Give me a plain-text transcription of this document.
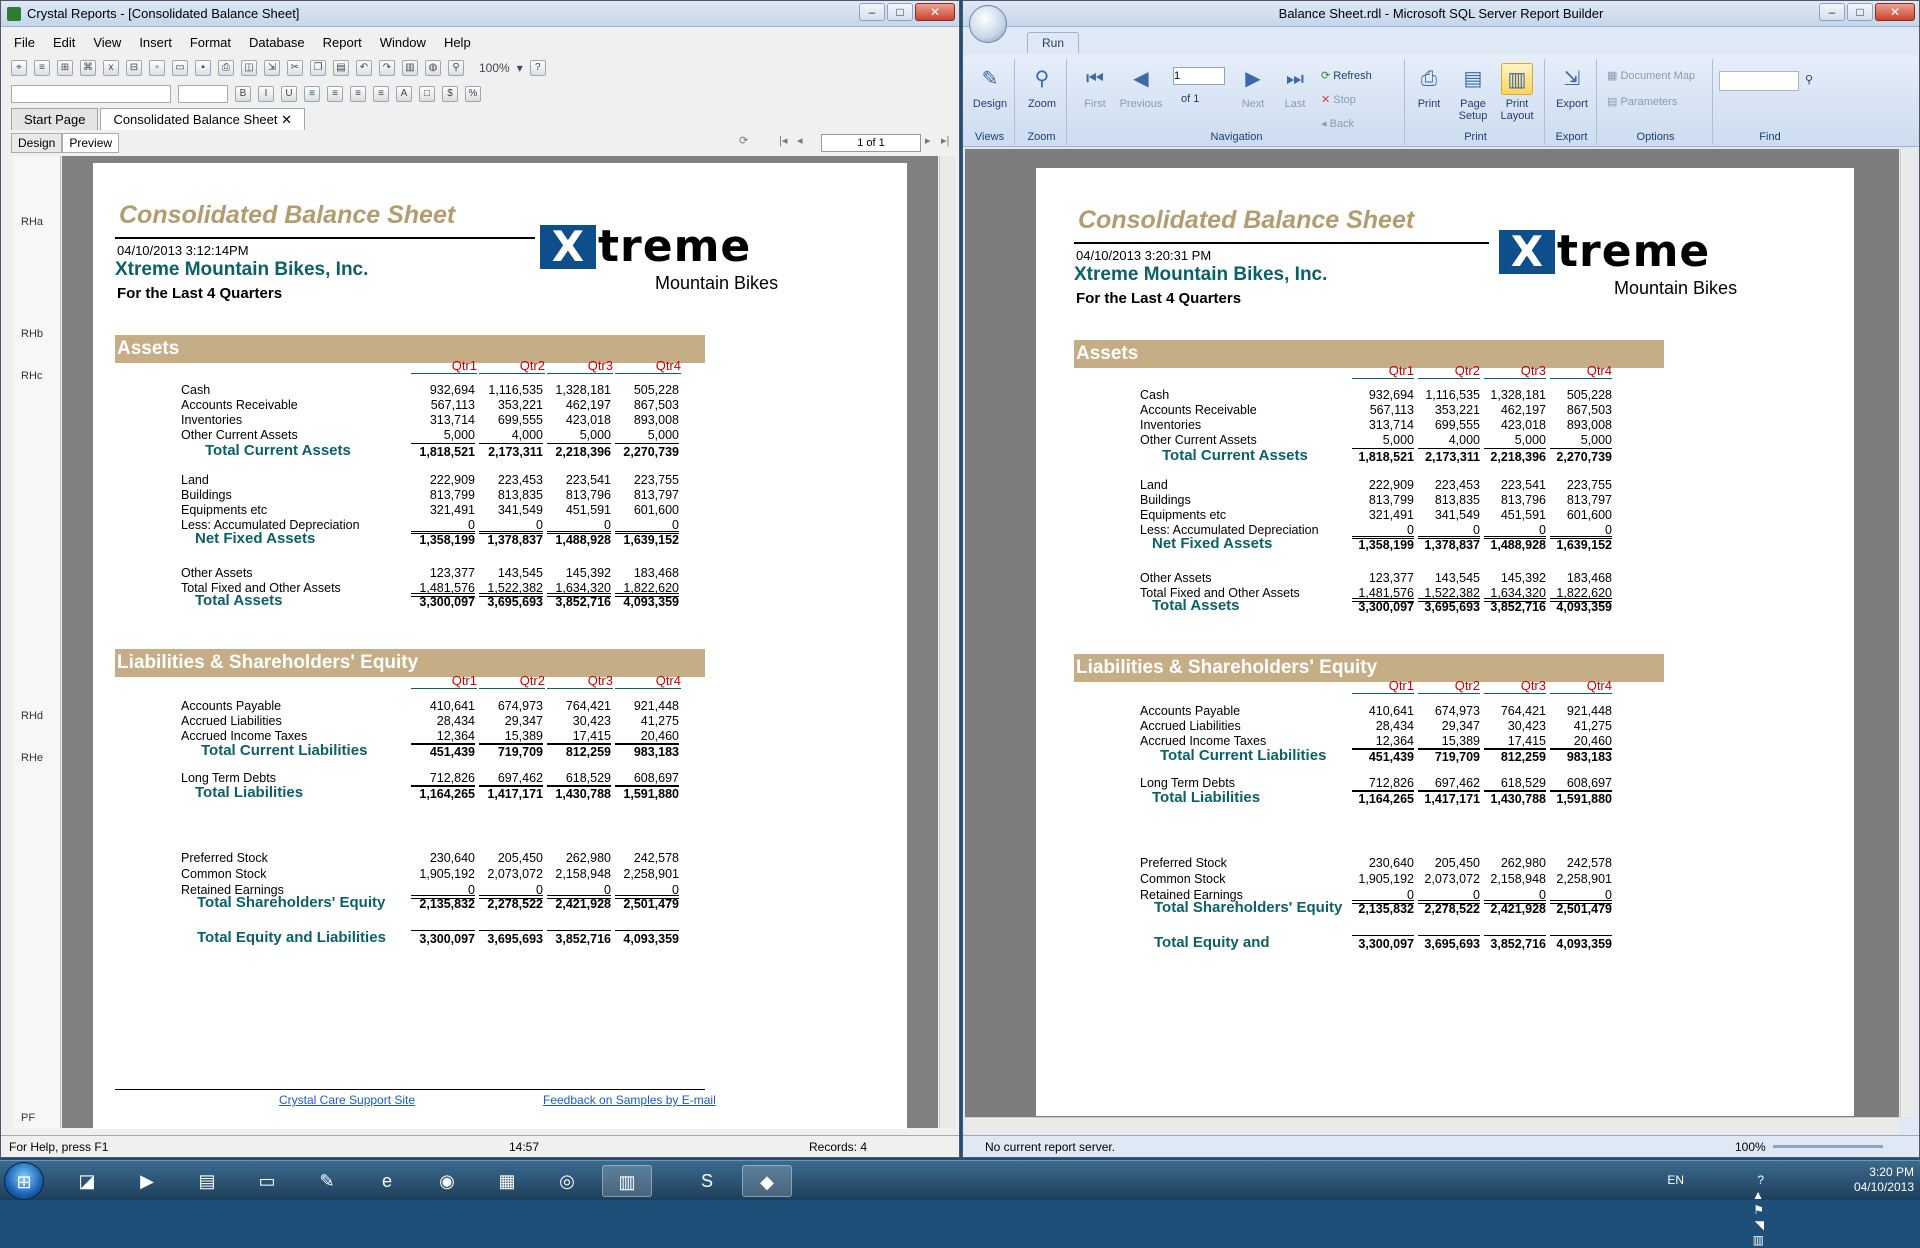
Crystal Reports - [Consolidated Balance Sheet]	–	□	✕
File	Edit	View	Insert	Format	Database	Report	Window	Help
⌖	≡	⊞	⌘	x	⊟	▫	▭	▪	⎙	◫	⇲	✂	❐	▤	↶	↷	▥	◍	⚲	100% ▾	?
B	I	U	≡	≡	≡	≡	A	□	$	%
Start Page	Consolidated Balance Sheet ✕
Design	Preview	⟳	|◂ ◂	1 of 1	▸ ▸|
RHa
RHb
RHc
RHd
RHe
PF
Consolidated Balance Sheet
04/10/2013 3:12:14PM
Xtreme Mountain Bikes, Inc.
For the Last 4 Quarters
X treme
Mountain Bikes
Assets
Qtr1	Qtr2	Qtr3	Qtr4
Cash	932,694	1,116,535 1,328,181	505,228
Accounts Receivable	567,113	353,221	462,197	867,503
Inventories	313,714	699,555	423,018	893,008
Other Current Assets	5,000	4,000	5,000	5,000
Total Current Assets	1,818,521	2,173,311 2,218,396 2,270,739
Land	222,909	223,453	223,541	223,755
Buildings	813,799	813,835	813,796	813,797
Equipments etc	321,491	341,549	451,591	601,600
Less: Accumulated Depreciation	0	0	0	0
Net Fixed Assets	1,358,199 1,378,837 1,488,928 1,639,152
Other Assets	123,377	143,545	145,392	183,468
Total Fixed and Other Assets	1,481,576 1,522,382 1,634,320 1,822,620
Total Assets	3,300,097 3,695,693 3,852,716 4,093,359
Liabilities & Shareholders' Equity
Qtr1	Qtr2	Qtr3	Qtr4
Accounts Payable	410,641	674,973	764,421	921,448
Accrued Liabilities	28,434	29,347	30,423	41,275
Accrued Income Taxes	12,364	15,389	17,415	20,460
Total Current Liabilities	451,439	719,709	812,259	983,183
Long Term Debts	712,826	697,462	618,529	608,697
Total Liabilities	1,164,265 1,417,171 1,430,788 1,591,880
Preferred Stock	230,640	205,450	262,980	242,578
Common Stock	1,905,192 2,073,072 2,158,948 2,258,901
Retained Earnings	0	0	0	0
Total Shareholders' Equity	2,135,832 2,278,522 2,421,928 2,501,479
Total Equity and Liabilities	3,300,097 3,695,693 3,852,716 4,093,359
Crystal Care Support Site	Feedback on Samples by E-mail
For Help, press F1	14:57	Records: 4
Balance Sheet.rdl - Microsoft SQL Server Report Builder	–	□	✕
Run
✎
Design
Views
⚲
Zoom
Zoom
⏮
First
◀
Previous
1 of 1
▶
Next
⏭
Last
⟳ Refresh
✕ Stop
◂ Back
Navigation
⎙
Print
▤
Page Setup
▥
Print Layout
Print
⇲
Export
Export
▦ Document Map
▤ Parameters
Options
⚲
Find
Consolidated Balance Sheet
04/10/2013 3:20:31 PM
Xtreme Mountain Bikes, Inc.
For the Last 4 Quarters
X treme
Mountain Bikes
Assets
Qtr1	Qtr2	Qtr3	Qtr4
Cash	932,694 1,116,535 1,328,181	505,228
Accounts Receivable	567,113	353,221	462,197	867,503
Inventories	313,714	699,555	423,018	893,008
Other Current Assets	5,000	4,000	5,000	5,000
Total Current Assets	1,818,521 2,173,311 2,218,396 2,270,739
Land	222,909	223,453	223,541	223,755
Buildings	813,799	813,835	813,796	813,797
Equipments etc	321,491	341,549	451,591	601,600
Less: Accumulated Depreciation	0	0	0	0
Net Fixed Assets	1,358,199 1,378,837 1,488,928 1,639,152
Other Assets	123,377	143,545	145,392	183,468
Total Fixed and Other Assets	1,481,576 1,522,382 1,634,320 1,822,620
Total Assets	3,300,097 3,695,693 3,852,716 4,093,359
Liabilities & Shareholders' Equity
Qtr1	Qtr2	Qtr3	Qtr4
Accounts Payable	410,641	674,973	764,421	921,448
Accrued Liabilities	28,434	29,347	30,423	41,275
Accrued Income Taxes	12,364	15,389	17,415	20,460
Total Current Liabilities	451,439	719,709	812,259	983,183
Long Term Debts	712,826	697,462	618,529	608,697
Total Liabilities	1,164,265 1,417,171 1,430,788 1,591,880
Preferred Stock	230,640	205,450	262,980	242,578
Common Stock	1,905,192 2,073,072 2,158,948 2,258,901
Retained Earnings	0	0	0	0
Total Shareholders' Equity	2,135,832 2,278,522 2,421,928 2,501,479
Total Equity and	3,300,097 3,695,693 3,852,716 4,093,359
No current report server.	100%
⊞	◪	▶	▤	▭	✎	e	◉	▦	◎	▥	S	◆	EN	? ▲
3:20 PM
04/10/2013
